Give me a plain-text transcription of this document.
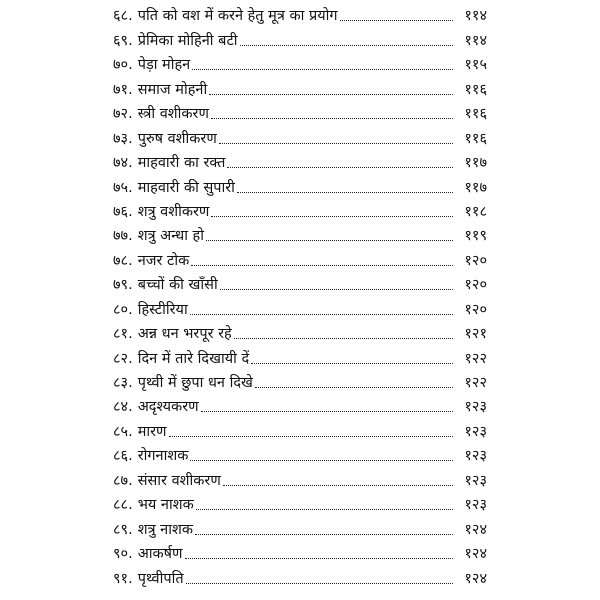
६८. पति को वश में करने हेतु मूत्र का प्रयोग	११४
६९. प्रेमिका मोहिनी बटी	११४
७०. पेड़ा मोहन	११५
७१. समाज मोहनी	११६
७२. स्त्री वशीकरण	११६
७३. पुरुष वशीकरण	११६
७४. माहवारी का रक्त	११७
७५. माहवारी की सुपारी	११७
७६. शत्रु वशीकरण	११८
७७. शत्रु अन्धा हो	११९
७८. नजर टोक	१२०
७९. बच्चों की खाँसी	१२०
८०. हिस्टीरिया	१२०
८१. अन्न धन भरपूर रहे	१२१
८२. दिन में तारे दिखायी दें	१२२
८३. पृथ्वी में छुपा धन दिखे	१२२
८४. अदृश्यकरण	१२३
८५. मारण	१२३
८६. रोगनाशक	१२३
८७. संसार वशीकरण	१२३
८८. भय नाशक	१२३
८९. शत्रु नाशक	१२४
९०. आकर्षण	१२४
९१. पृथ्वीपति	१२४
